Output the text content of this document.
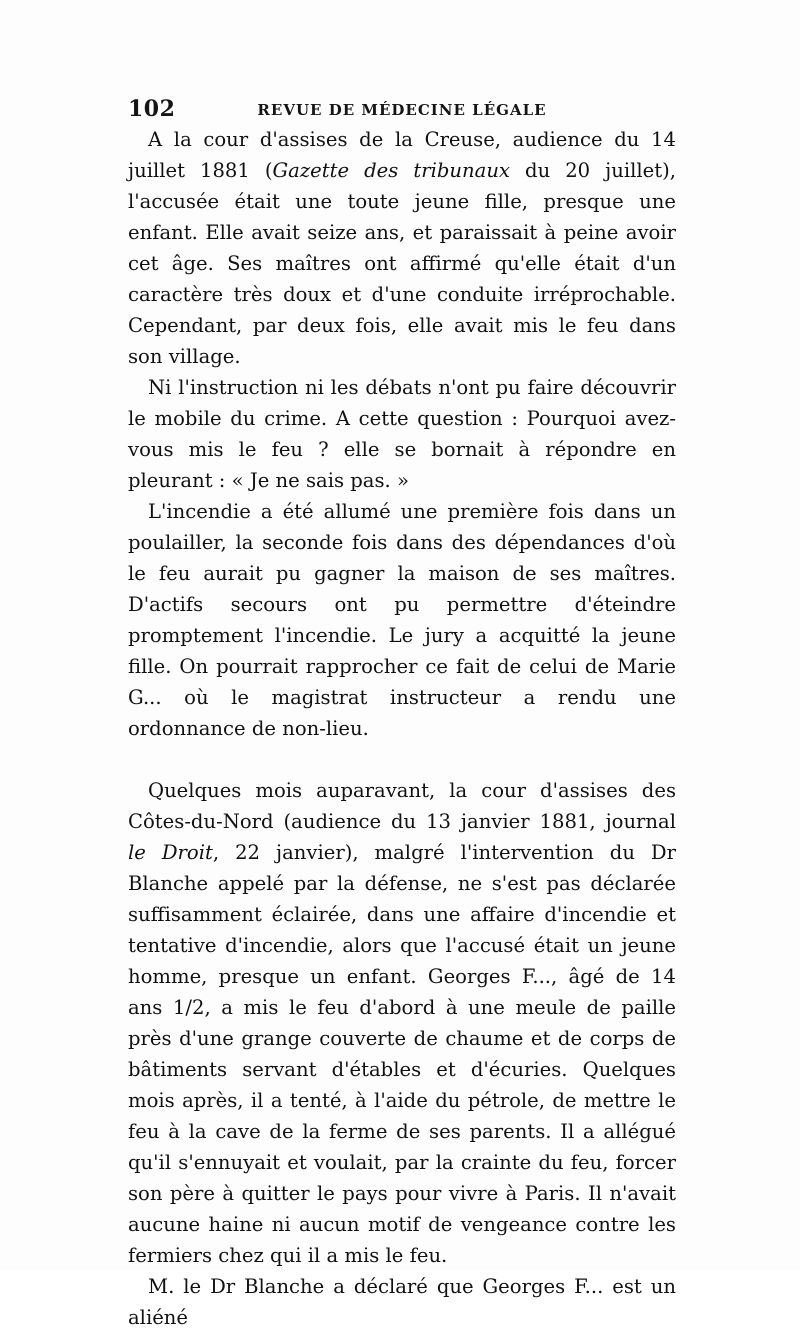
102	REVUE DE MÉDECINE LÉGALE

A la cour d'assises de la Creuse, audience du 14 juillet 1881 (Gazette des tribunaux du 20 juillet), l'accusée était une toute jeune fille, presque une enfant. Elle avait seize ans, et paraissait à peine avoir cet âge. Ses maîtres ont affirmé qu'elle était d'un caractère très doux et d'une conduite irréprochable. Cependant, par deux fois, elle avait mis le feu dans son village.

Ni l'instruction ni les débats n'ont pu faire découvrir le mobile du crime. A cette question : Pourquoi avez-vous mis le feu ? elle se bornait à répondre en pleurant : « Je ne sais pas. »

L'incendie a été allumé une première fois dans un poulailler, la seconde fois dans des dépendances d'où le feu aurait pu gagner la maison de ses maîtres. D'actifs secours ont pu permettre d'éteindre promptement l'incendie. Le jury a acquitté la jeune fille. On pourrait rapprocher ce fait de celui de Marie G... où le magistrat instructeur a rendu une ordonnance de non-lieu.

Quelques mois auparavant, la cour d'assises des Côtes-du-Nord (audience du 13 janvier 1881, journal le Droit, 22 janvier), malgré l'intervention du Dr Blanche appelé par la défense, ne s'est pas déclarée suffisamment éclairée, dans une affaire d'incendie et tentative d'incendie, alors que l'accusé était un jeune homme, presque un enfant. Georges F..., âgé de 14 ans 1/2, a mis le feu d'abord à une meule de paille près d'une grange couverte de chaume et de corps de bâtiments servant d'étables et d'écuries. Quelques mois après, il a tenté, à l'aide du pétrole, de mettre le feu à la cave de la ferme de ses parents. Il a allégué qu'il s'ennuyait et voulait, par la crainte du feu, forcer son père à quitter le pays pour vivre à Paris. Il n'avait aucune haine ni aucun motif de vengeance contre les fermiers chez qui il a mis le feu.

M. le Dr Blanche a déclaré que Georges F... est un aliéné
